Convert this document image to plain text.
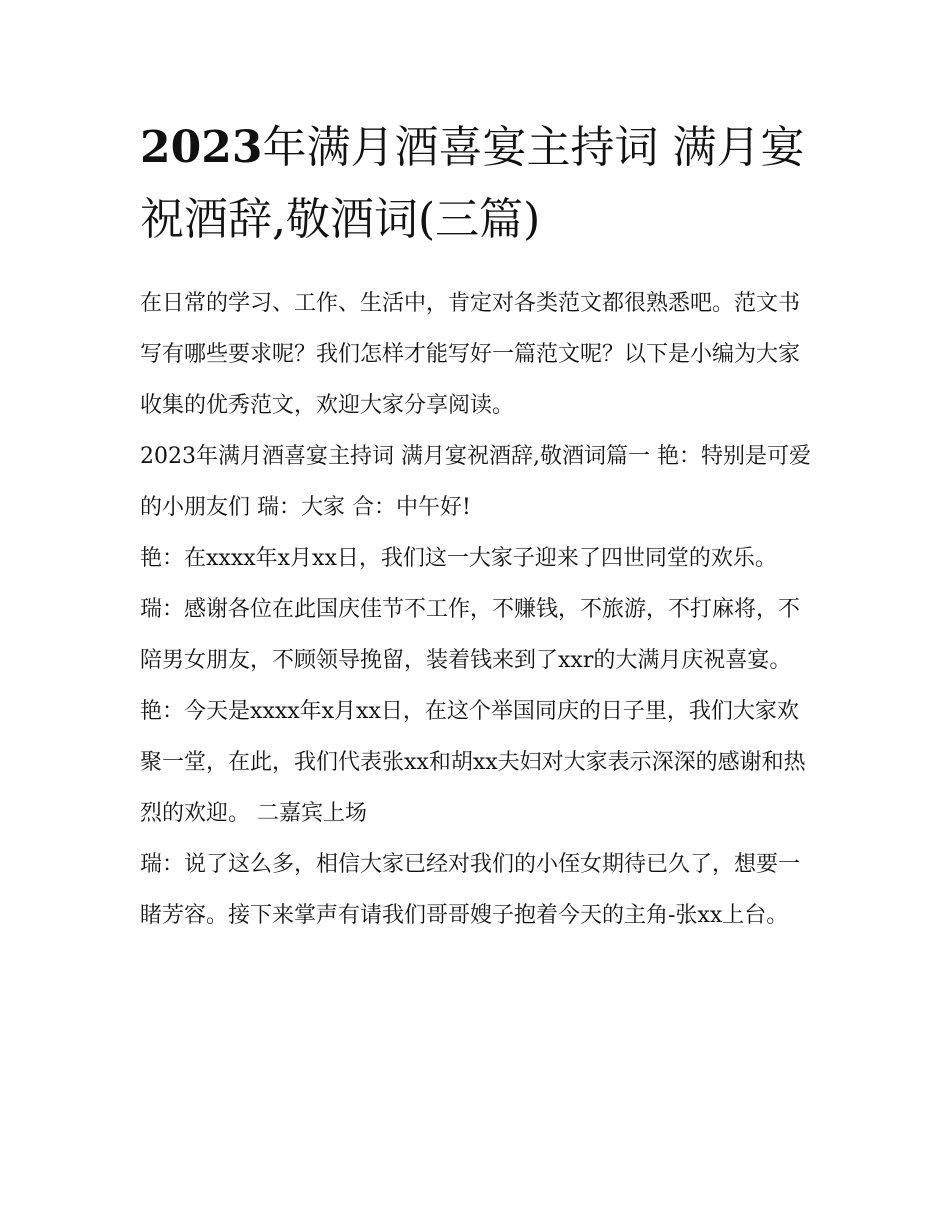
2023年满月酒喜宴主持词 满月宴祝酒辞,敬酒词(三篇)

在日常的学习、工作、生活中，肯定对各类范文都很熟悉吧。范文书写有哪些要求呢？我们怎样才能写好一篇范文呢？以下是小编为大家收集的优秀范文，欢迎大家分享阅读。

2023年满月酒喜宴主持词 满月宴祝酒辞,敬酒词篇一 艳：特别是可爱的小朋友们 瑞：大家 合：中午好!

艳：在xxxx年x月xx日，我们这一大家子迎来了四世同堂的欢乐。

瑞：感谢各位在此国庆佳节不工作，不赚钱，不旅游，不打麻将，不陪男女朋友，不顾领导挽留，装着钱来到了xxr的大满月庆祝喜宴。

艳：今天是xxxx年x月xx日，在这个举国同庆的日子里，我们大家欢聚一堂，在此，我们代表张xx和胡xx夫妇对大家表示深深的感谢和热烈的欢迎。 二嘉宾上场

瑞：说了这么多，相信大家已经对我们的小侄女期待已久了，想要一睹芳容。接下来掌声有请我们哥哥嫂子抱着今天的主角-张xx上台。
